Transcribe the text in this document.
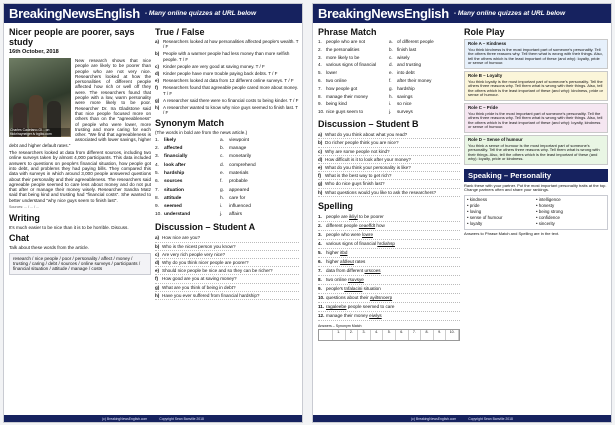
BreakingNewsEnglish - Many online quizzes at URL below
Nicer people are poorer, says study
16th October, 2018
Charles Cadetano-Gl... on flickr/rayneiger.lv bgibc.com

New research shows that nice people are likely to be poorer than people who are not very nice. Researchers looked at how the personalities of different people affected how rich or well off they were. The researchers found that people with a low, warm personality were more likely to be poor. Researcher Dr. Ira Gladstone said that nice people focused more on others than on the "agreeableness" of people who were lower, more trusting and more caring for each other. "We find that agreeableness is associated with lower savings, higher debt and higher default rates."

The researchers looked at data from different sources, including two online surveys taken by almost 4,000 participants. This data included answers to questions on people's financial situation, how people got into debt, and problems they had paying bills. They compared this data with surveys in which around 3,000 people answered questions about their personality and their agreeableness. The researchers said agreeable people seemed to care less about money and do not put that after or manage their money wisely. Researcher Sandra Matz said that being kind and trusting had "financial costs". She wanted to better understand "why nice guys seem to finish last".

Sources: ... / ... / ...
Writing

It's much easier to be nice than it is to be horrible. Discuss.

Chat

Talk about these words from the article.

research / nice people / poor / personality / affect / money / trusting / caring / debt / sources / online surveys / participants / financial situation / attitude / manage / costs
True / False
a) Researchers looked at how personalities affected people's wealth. T / F
b) People with a warmer people had less money than more selfish people. T / F
c) Kinder people are very good at saving money. T / F
d) Kinder people have more trouble paying back debts. T / F
e) Researchers looked at data from 12 different online surveys. T / F
f)	Researchers found that agreeable people cared more about money. T / F
g) A researcher said there were no financial costs to being kinder. T / F
h) A researcher wanted to know why nice guys seemed to finish last. T / F
Synonym Match
(The words in bold are from the news article.)
1.	likely	a.	viewpoint
2.	affected	b.	manage
3.	financially	c.	monetarily
4.	look after	d.	comprehend
5.	hardship	e.	materials
6.	sources	f.	probable
7.	situation	g.	appeared
8.	attitude	h.	care for
9.	seemed	i.	influenced
10. understand	j.	affairs
Discussion – Student A
a) How nice are you?
b) Who is the nicest person you know?
c) Are very rich people very nice?
d) Why do you think nicer people are poorer?
e) Should nice people be nice and so they can be richer?
f) How good are you at saving money?
g) What are you think of being in debt?
h) Have you ever suffered from financial hardship?
(c) BreakingNewsEnglish.com	Copyright Sean Banville 2018
BreakingNewsEnglish - Many online quizzes at URL below
Phrase Match
1. people who are not	a. of different people
2. the personalities	b. finish last
3. more likely to be	c. wisely
4. various signs of financial	d. and trusting
5. lower	e. into debt
6. two online	f.	after their money
7. how people got	g. hardship
8. manage their money	h. savings
9. being kind	i.	so nice
10. nice guys seem to	j.	surveys
Discussion – Student B
a) What do you think about what you read?
b) Do richer people think you are nice?
c) Why are some people not kind?
d) How difficult is it to look after your money?
e) What do you think your personality is like?
f) What is the best way to get rich?
g) Who do nice guys finish last?
h) What questions would you like to ask the researchers?
Spelling
1. people are ikliyl to be poorer
2. different people ceaeffdt how
3. people who were lowre
4. various signs of financial hrdiahsp
5. higher itbd
6. higher afdleut rates
7. data from different urscoes
8. two online rsuvsye
9. people's tnfalacini situation
10. questions about their ayiltsnoerp
11. ragaleebe people seemed to care
12. manage their money eiwlys
Answers – Synonym Match
1.	2.	3.	4.	5.	6.	7.	8.	9.	10.
Role Play
Role A – Kindness
You think kindness is the most important part of someone's personality. Tell the others three reasons why. Tell them what is wrong with their things. Also, tell the others which is the least important of these (and why): loyalty, pride or sense of humour.
Role B – Loyalty
You think loyalty is the most important part of someone's personality. Tell the others three reasons why. Tell them what is wrong with their things. Also, tell the others which is the least important of these (and why): kindness, pride or sense of humour.
Role C – Pride
You think pride is the most important part of someone's personality. Tell the others three reasons why. Tell them what is wrong with their things. Also, tell the others which is the least important of these (and why): loyalty, kindness or sense of humour.
Role D – Sense of humour
You think a sense of humour is the most important part of someone's personality. Tell the others three reasons why. Tell them what is wrong with their things. Also, tell the others which is the least important of these (and why): loyalty, pride or kindness.
Speaking – Personality
Rank these with your partner. Put the most important personality traits at the top. Change partners often and share your rankings.
• kindness	• intelligence
• pride	• honesty
• loving	• being strong
• sense of humour	• confidence
• loyalty	• sincerity
Answers to Phrase Match and Spelling are in the text.
(c) BreakingNewsEnglish.com	Copyright Sean Banville 2018
